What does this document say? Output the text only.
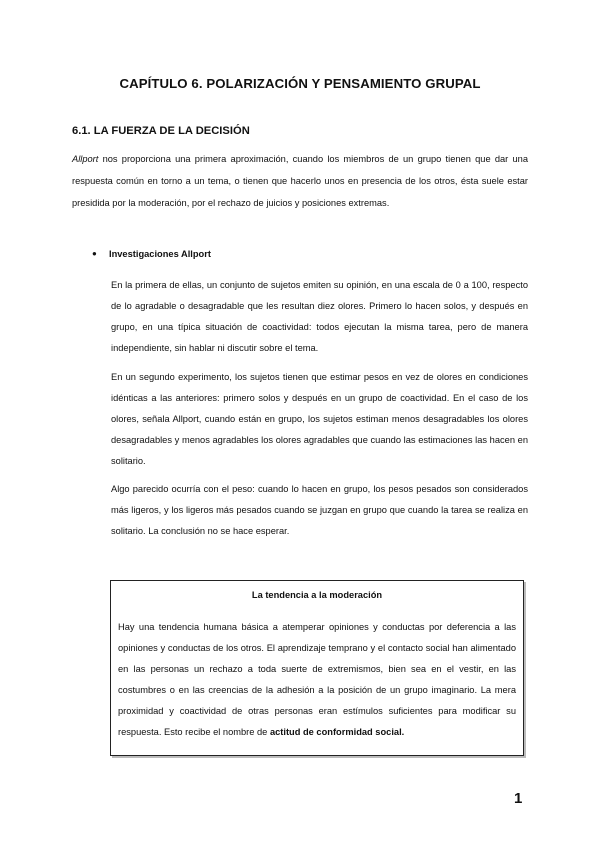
CAPÍTULO 6. POLARIZACIÓN Y PENSAMIENTO GRUPAL
6.1. LA FUERZA DE LA DECISIÓN

Allport nos proporciona una primera aproximación, cuando los miembros de un grupo tienen que dar una respuesta común en torno a un tema, o tienen que hacerlo unos en presencia de los otros, ésta suele estar presidida por la moderación, por el rechazo de juicios y posiciones extremas.

● Investigaciones Allport

En la primera de ellas, un conjunto de sujetos emiten su opinión, en una escala de 0 a 100, respecto de lo agradable o desagradable que les resultan diez olores. Primero lo hacen solos, y después en grupo, en una típica situación de coactividad: todos ejecutan la misma tarea, pero de manera independiente, sin hablar ni discutir sobre el tema.

En un segundo experimento, los sujetos tienen que estimar pesos en vez de olores en condiciones idénticas a las anteriores: primero solos y después en un grupo de coactividad. En el caso de los olores, señala Allport, cuando están en grupo, los sujetos estiman menos desagradables los olores desagradables y menos agradables los olores agradables que cuando las estimaciones las hacen en solitario.

Algo parecido ocurría con el peso: cuando lo hacen en grupo, los pesos pesados son considerados más ligeros, y los ligeros más pesados cuando se juzgan en grupo que cuando la tarea se realiza en solitario. La conclusión no se hace esperar.

La tendencia a la moderación

Hay una tendencia humana básica a atemperar opiniones y conductas por deferencia a las opiniones y conductas de los otros. El aprendizaje temprano y el contacto social han alimentado en las personas un rechazo a toda suerte de extremismos, bien sea en el vestir, en las costumbres o en las creencias de la adhesión a la posición de un grupo imaginario. La mera proximidad y coactividad de otras personas eran estímulos suficientes para modificar su respuesta. Esto recibe el nombre de actitud de conformidad social.

1
